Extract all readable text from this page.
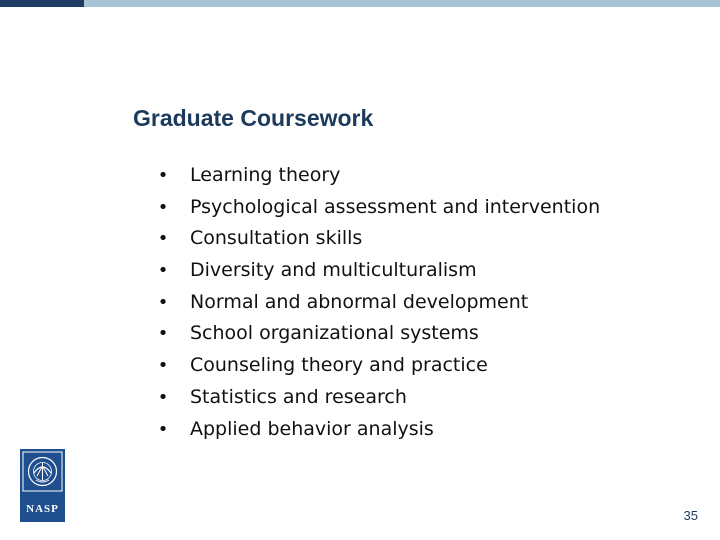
Graduate Coursework
• Learning theory
• Psychological assessment and intervention
• Consultation skills
• Diversity and multiculturalism
• Normal and abnormal development
• School organizational systems
• Counseling theory and practice
• Statistics and research
• Applied behavior analysis
NASP	35
